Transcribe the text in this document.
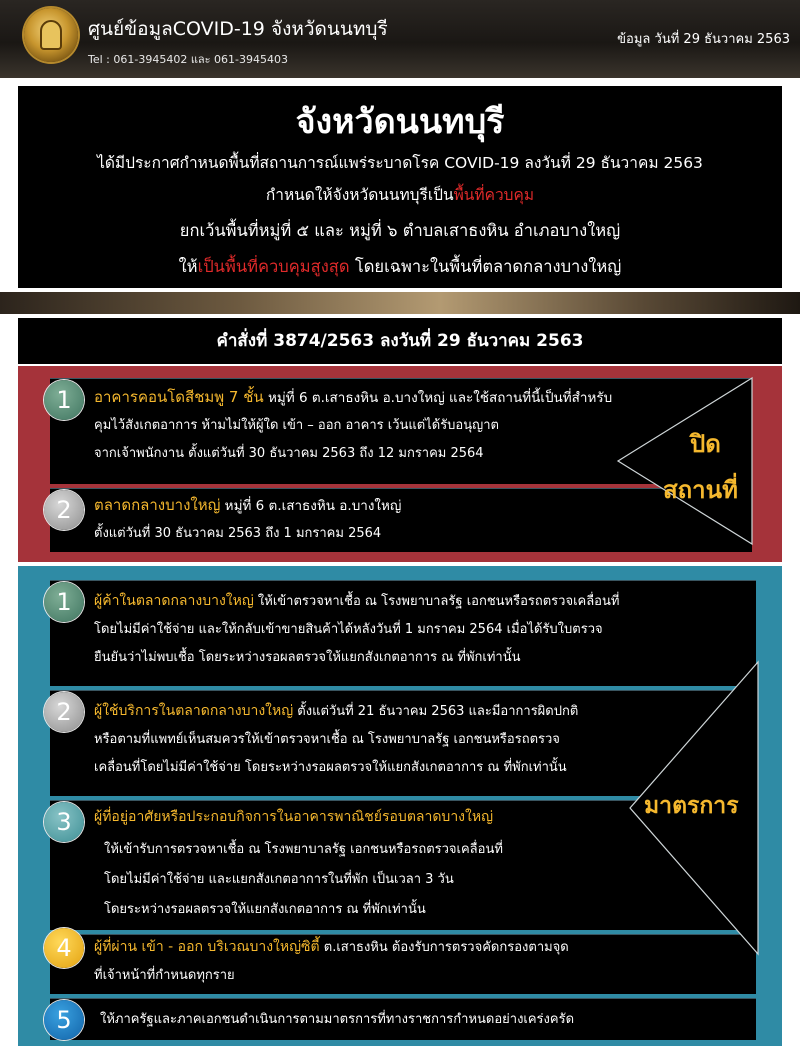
ศูนย์ข้อมูลCOVID-19 จังหวัดนนทบุรี
Tel : 061-3945402 และ 061-3945403
ข้อมูล วันที่ 29 ธันวาคม 2563
จังหวัดนนทบุรี
ได้มีประกาศกำหนดพื้นที่สถานการณ์แพร่ระบาดโรค COVID-19 ลงวันที่ 29 ธันวาคม 2563
กำหนดให้จังหวัดนนทบุรีเป็นพื้นที่ควบคุม
ยกเว้นพื้นที่หมู่ที่ ๕ และ หมู่ที่ ๖ ตำบลเสาธงหิน อำเภอบางใหญ่
ให้เป็นพื้นที่ควบคุมสูงสุด โดยเฉพาะในพื้นที่ตลาดกลางบางใหญ่
คำสั่งที่ 3874/2563 ลงวันที่ 29 ธันวาคม 2563
1	อาคารคอนโดสีชมพู 7 ชั้น หมู่ที่ 6 ต.เสาธงหิน อ.บางใหญ่ และใช้สถานที่นี้เป็นที่สำหรับ
คุมไว้สังเกตอาการ ห้ามไม่ให้ผู้ใด เข้า – ออก อาคาร เว้นแต่ได้รับอนุญาต
จากเจ้าพนักงาน ตั้งแต่วันที่ 30 ธันวาคม 2563 ถึง 12 มกราคม 2564
2	ตลาดกลางบางใหญ่ หมู่ที่ 6 ต.เสาธงหิน อ.บางใหญ่
ตั้งแต่วันที่ 30 ธันวาคม 2563 ถึง 1 มกราคม 2564
ปิด
สถานที่
1	ผู้ค้าในตลาดกลางบางใหญ่ ให้เข้าตรวจหาเชื้อ ณ โรงพยาบาลรัฐ เอกชนหรือรถตรวจเคลื่อนที่
โดยไม่มีค่าใช้จ่าย และให้กลับเข้าขายสินค้าได้หลังวันที่ 1 มกราคม 2564 เมื่อได้รับใบตรวจ
ยืนยันว่าไม่พบเชื้อ โดยระหว่างรอผลตรวจให้แยกสังเกตอาการ ณ ที่พักเท่านั้น
2	ผู้ใช้บริการในตลาดกลางบางใหญ่ ตั้งแต่วันที่ 21 ธันวาคม 2563 และมีอาการผิดปกติ
หรือตามที่แพทย์เห็นสมควรให้เข้าตรวจหาเชื้อ ณ โรงพยาบาลรัฐ เอกชนหรือรถตรวจ
เคลื่อนที่โดยไม่มีค่าใช้จ่าย โดยระหว่างรอผลตรวจให้แยกสังเกตอาการ ณ ที่พักเท่านั้น
3	ผู้ที่อยู่อาศัยหรือประกอบกิจการในอาคารพาณิชย์รอบตลาดบางใหญ่
ให้เข้ารับการตรวจหาเชื้อ ณ โรงพยาบาลรัฐ เอกชนหรือรถตรวจเคลื่อนที่
โดยไม่มีค่าใช้จ่าย และแยกสังเกตอาการในที่พัก เป็นเวลา 3 วัน
โดยระหว่างรอผลตรวจให้แยกสังเกตอาการ ณ ที่พักเท่านั้น
4	ผู้ที่ผ่าน เข้า - ออก บริเวณบางใหญ่ซิตี้ ต.เสาธงหิน ต้องรับการตรวจคัดกรองตามจุด
ที่เจ้าหน้าที่กำหนดทุกราย
5	ให้ภาครัฐและภาคเอกชนดำเนินการตามมาตรการที่ทางราชการกำหนดอย่างเคร่งครัด
มาตรการ
